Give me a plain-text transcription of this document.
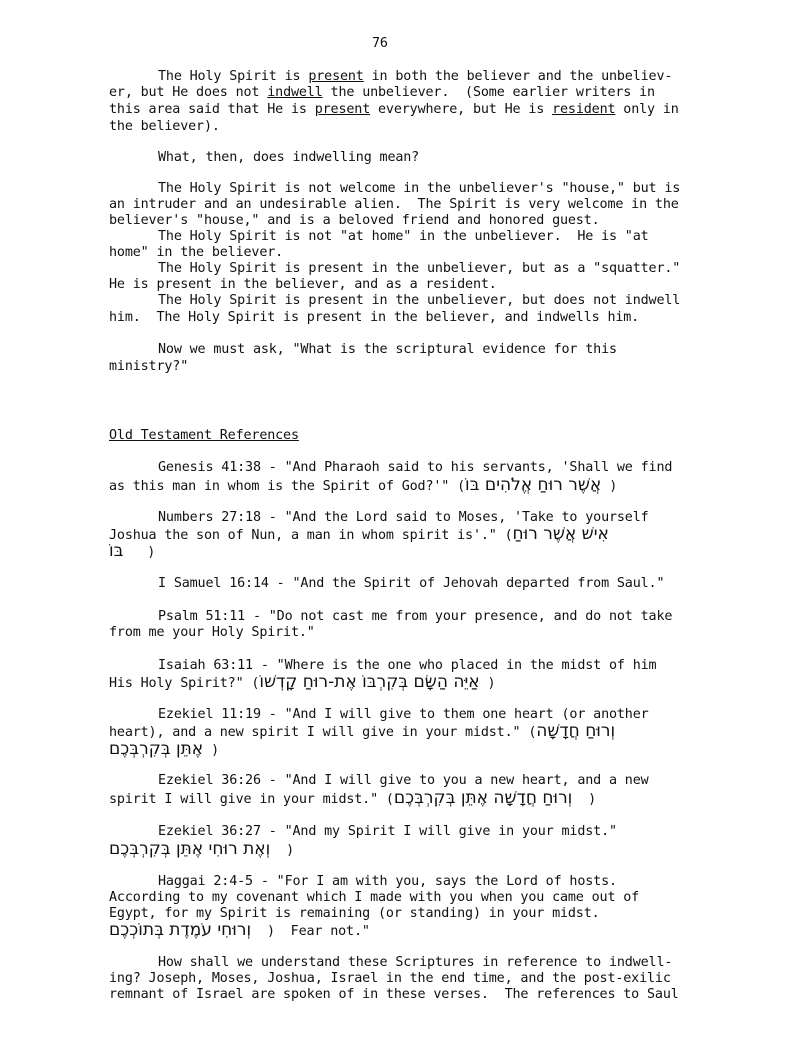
76
The Holy Spirit is present in both the believer and the unbeliev-
er, but He does not indwell the unbeliever.  (Some earlier writers in
this area said that He is present everywhere, but He is resident only in
the believer).
What, then, does indwelling mean?
The Holy Spirit is not welcome in the unbeliever's "house," but is
an intruder and an undesirable alien.  The Spirit is very welcome in the
believer's "house," and is a beloved friend and honored guest.
The Holy Spirit is not "at home" in the unbeliever.  He is "at
home" in the believer.
The Holy Spirit is present in the unbeliever, but as a "squatter."
He is present in the believer, and as a resident.
The Holy Spirit is present in the unbeliever, but does not indwell
him.  The Holy Spirit is present in the believer, and indwells him.
Now we must ask, "What is the scriptural evidence for this
ministry?"
Old Testament References
Genesis 41:38 - "And Pharaoh said to his servants, 'Shall we find
as this man in whom is the Spirit of God?'" (אֲשֶׁר רוּחַ אֱלֹהִים בּוֹ )
Numbers 27:18 - "And the Lord said to Moses, 'Take to yourself
Joshua the son of Nun, a man in whom spirit is'." (אִישׁ אֲשֶׁר רוּחַ
בּוֹ )
I Samuel 16:14 - "And the Spirit of Jehovah departed from Saul."
Psalm 51:11 - "Do not cast me from your presence, and do not take
from me your Holy Spirit."
Isaiah 63:11 - "Where is the one who placed in the midst of him
His Holy Spirit?" (אַיֵּה הַשָּׂם בְּקִרְבּוֹ אֶת-רוּחַ קָדְשׁוֹ )
Ezekiel 11:19 - "And I will give to them one heart (or another
heart), and a new spirit I will give in your midst." (וְרוּחַ חֲדָשָׁה
אֶתֵּן בְּקִרְבְּכֶם )
Ezekiel 36:26 - "And I will give to you a new heart, and a new
spirit I will give in your midst." (וְרוּחַ חֲדָשָׁה אֶתֵּן בְּקִרְבְּכֶם )
Ezekiel 36:27 - "And my Spirit I will give in your midst."
וְאֶת רוּחִי אֶתֵּן בְּקִרְבְּכֶם )
Haggai 2:4-5 - "For I am with you, says the Lord of hosts.
According to my covenant which I made with you when you came out of
Egypt, for my Spirit is remaining (or standing) in your midst.
וְרוּחִי עֹמֶדֶת בְּתוֹכְכֶם )  Fear not."
How shall we understand these Scriptures in reference to indwell-
ing? Joseph, Moses, Joshua, Israel in the end time, and the post-exilic
remnant of Israel are spoken of in these verses.  The references to Saul
